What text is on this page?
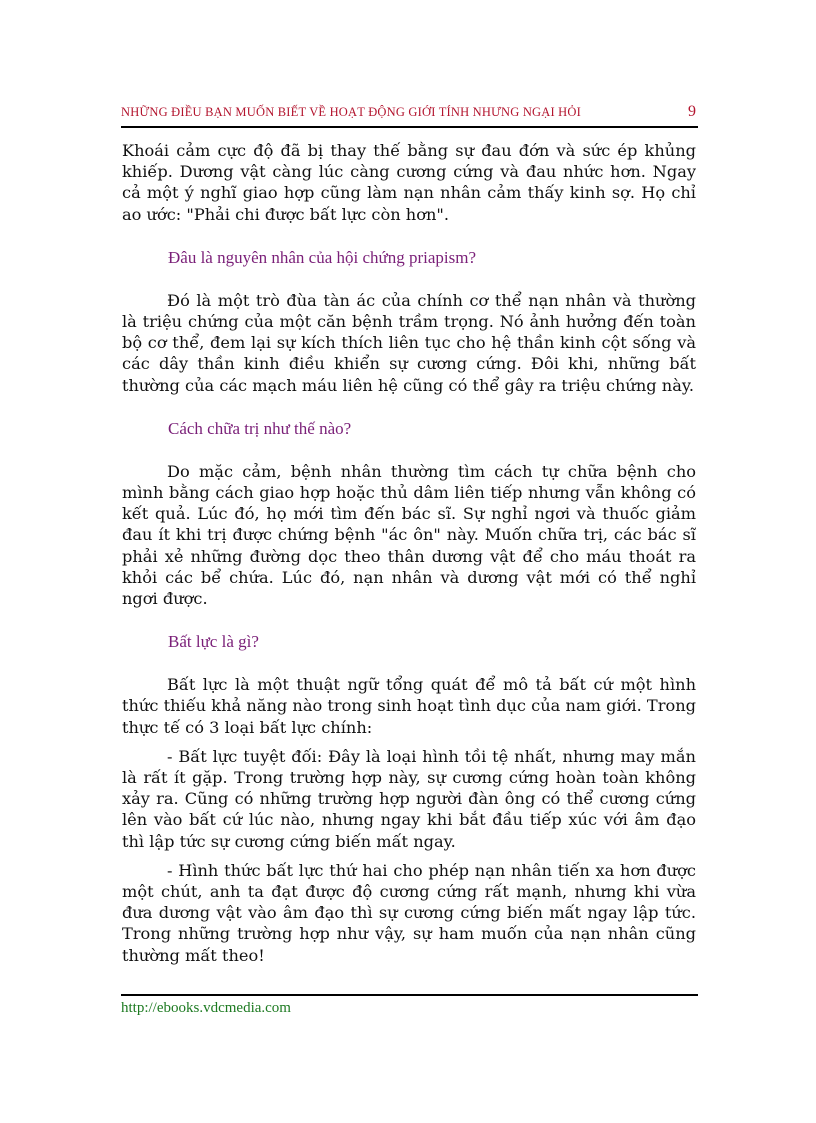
NHỮNG ĐIỀU BẠN MUỐN BIẾT VỀ HOẠT ĐỘNG GIỚI TÍNH NHƯNG NGẠI HỎI	9

Khoái cảm cực độ đã bị thay thế bằng sự đau đớn và sức ép khủng khiếp. Dương vật càng lúc càng cương cứng và đau nhức hơn. Ngay cả một ý nghĩ giao hợp cũng làm nạn nhân cảm thấy kinh sợ. Họ chỉ ao ước: "Phải chi được bất lực còn hơn".

Đâu là nguyên nhân của hội chứng priapism?

Đó là một trò đùa tàn ác của chính cơ thể nạn nhân và thường là triệu chứng của một căn bệnh trầm trọng. Nó ảnh hưởng đến toàn bộ cơ thể, đem lại sự kích thích liên tục cho hệ thần kinh cột sống và các dây thần kinh điều khiển sự cương cứng. Đôi khi, những bất thường của các mạch máu liên hệ cũng có thể gây ra triệu chứng này.

Cách chữa trị như thế nào?

Do mặc cảm, bệnh nhân thường tìm cách tự chữa bệnh cho mình bằng cách giao hợp hoặc thủ dâm liên tiếp nhưng vẫn không có kết quả. Lúc đó, họ mới tìm đến bác sĩ. Sự nghỉ ngơi và thuốc giảm đau ít khi trị được chứng bệnh "ác ôn" này. Muốn chữa trị, các bác sĩ phải xẻ những đường dọc theo thân dương vật để cho máu thoát ra khỏi các bể chứa. Lúc đó, nạn nhân và dương vật mới có thể nghỉ ngơi được.

Bất lực là gì?

Bất lực là một thuật ngữ tổng quát để mô tả bất cứ một hình thức thiếu khả năng nào trong sinh hoạt tình dục của nam giới. Trong thực tế có 3 loại bất lực chính:

- Bất lực tuyệt đối: Đây là loại hình tồi tệ nhất, nhưng may mắn là rất ít gặp. Trong trường hợp này, sự cương cứng hoàn toàn không xảy ra. Cũng có những trường hợp người đàn ông có thể cương cứng lên vào bất cứ lúc nào, nhưng ngay khi bắt đầu tiếp xúc với âm đạo thì lập tức sự cương cứng biến mất ngay.

- Hình thức bất lực thứ hai cho phép nạn nhân tiến xa hơn được một chút, anh ta đạt được độ cương cứng rất mạnh, nhưng khi vừa đưa dương vật vào âm đạo thì sự cương cứng biến mất ngay lập tức. Trong những trường hợp như vậy, sự ham muốn của nạn nhân cũng thường mất theo!

http://ebooks.vdcmedia.com
